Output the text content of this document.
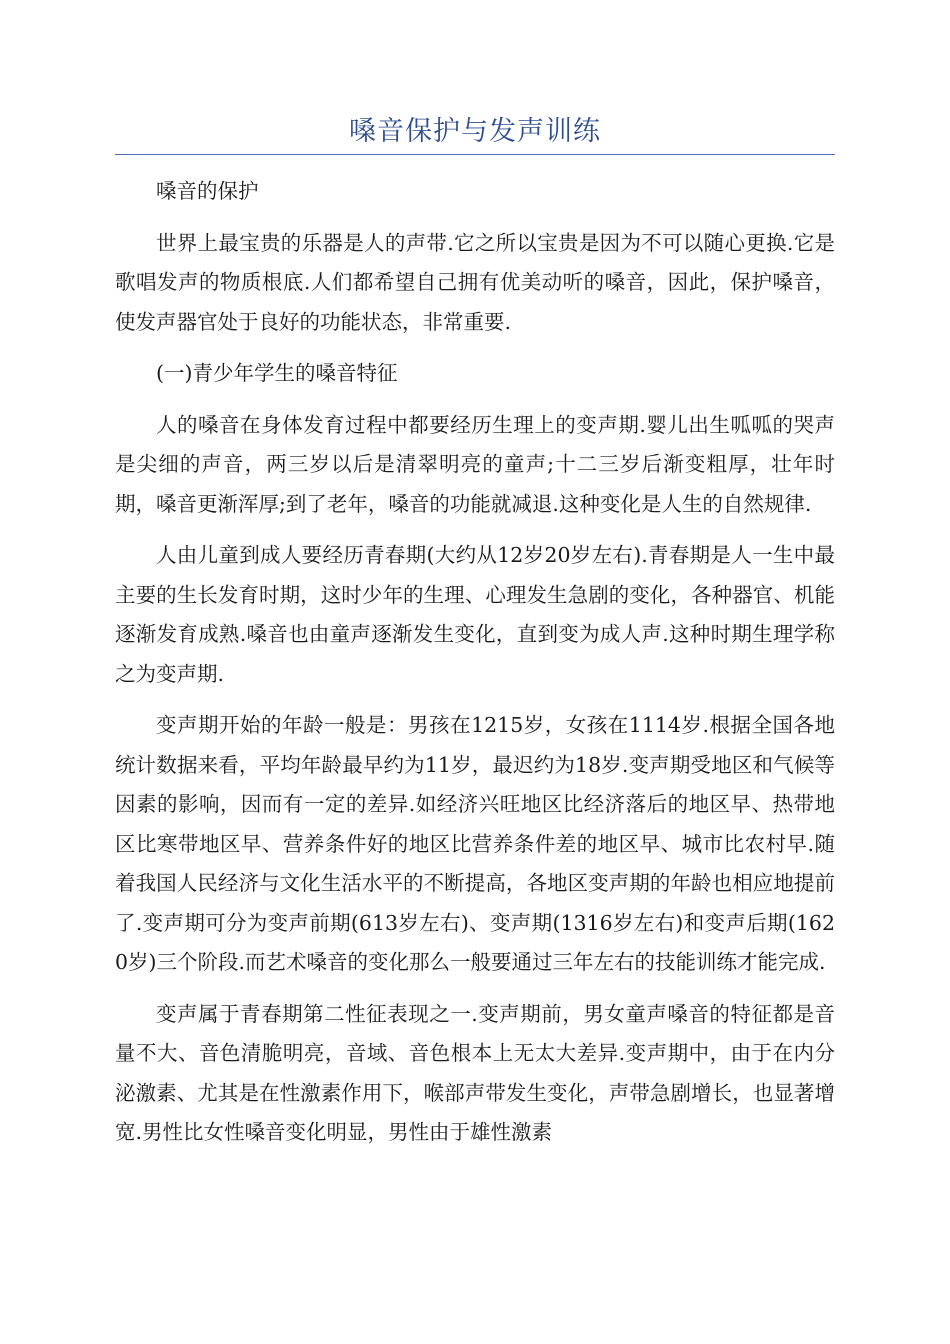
嗓音保护与发声训练

嗓音的保护

世界上最宝贵的乐器是人的声带.它之所以宝贵是因为不可以随心更换.它是歌唱发声的物质根底.人们都希望自己拥有优美动听的嗓音，因此，保护嗓音，使发声器官处于良好的功能状态，非常重要.

(一)青少年学生的嗓音特征

人的嗓音在身体发育过程中都要经历生理上的变声期.婴儿出生呱呱的哭声是尖细的声音，两三岁以后是清翠明亮的童声;十二三岁后渐变粗厚，壮年时期，嗓音更渐浑厚;到了老年，嗓音的功能就减退.这种变化是人生的自然规律.

人由儿童到成人要经历青春期(大约从12岁20岁左右).青春期是人一生中最主要的生长发育时期，这时少年的生理、心理发生急剧的变化，各种器官、机能逐渐发育成熟.嗓音也由童声逐渐发生变化，直到变为成人声.这种时期生理学称之为变声期.

变声期开始的年龄一般是：男孩在1215岁，女孩在1114岁.根据全国各地统计数据来看，平均年龄最早约为11岁，最迟约为18岁.变声期受地区和气候等因素的影响，因而有一定的差异.如经济兴旺地区比经济落后的地区早、热带地区比寒带地区早、营养条件好的地区比营养条件差的地区早、城市比农村早.随着我国人民经济与文化生活水平的不断提高，各地区变声期的年龄也相应地提前了.变声期可分为变声前期(613岁左右)、变声期(1316岁左右)和变声后期(1620岁)三个阶段.而艺术嗓音的变化那么一般要通过三年左右的技能训练才能完成.

变声属于青春期第二性征表现之一.变声期前，男女童声嗓音的特征都是音量不大、音色清脆明亮，音域、音色根本上无太大差异.变声期中，由于在内分泌激素、尤其是在性激素作用下，喉部声带发生变化，声带急剧增长，也显著增宽.男性比女性嗓音变化明显，男性由于雄性激素
